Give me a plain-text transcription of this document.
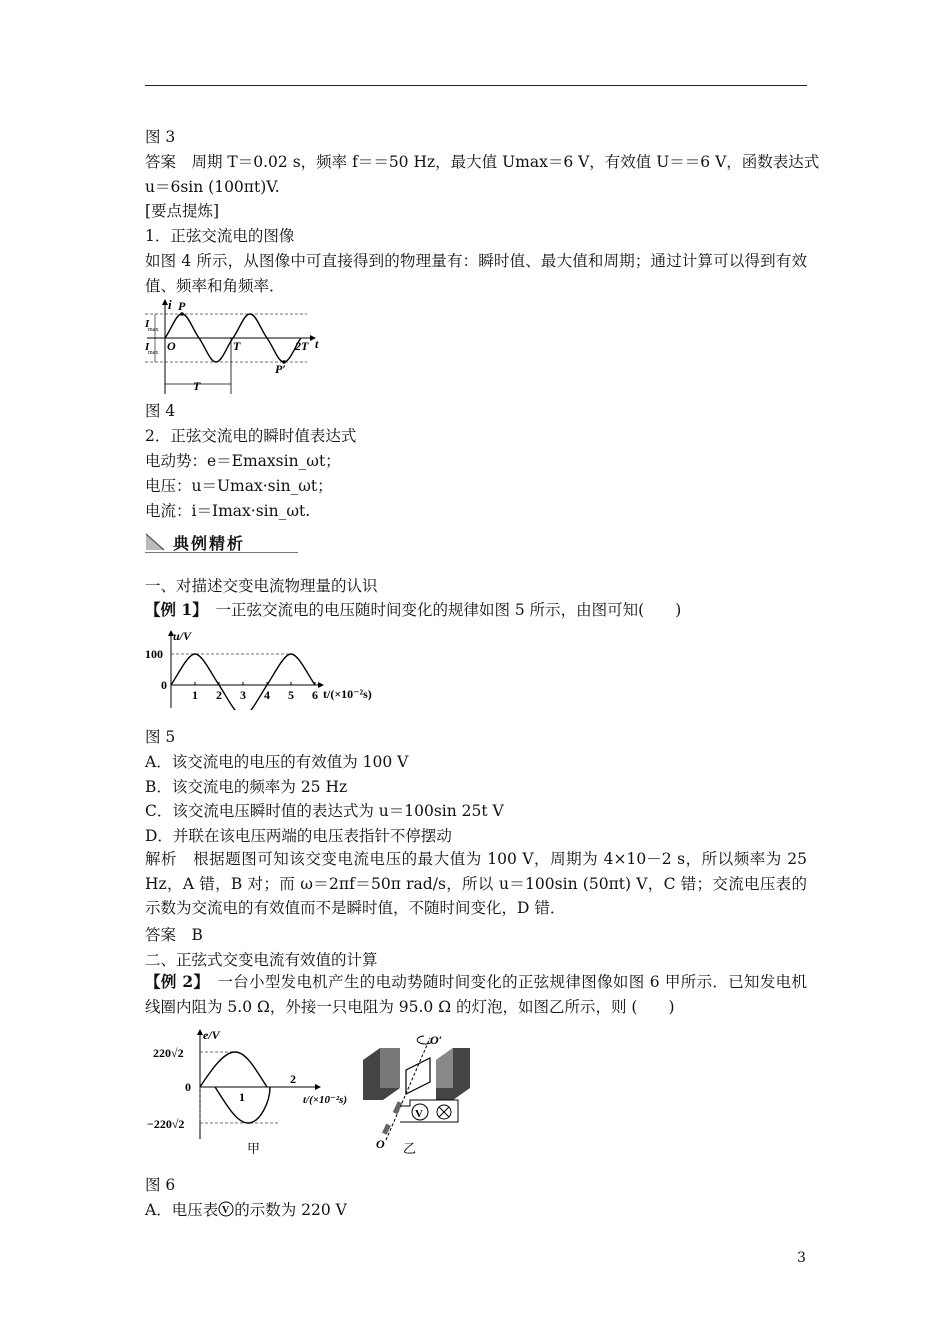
图 3
答案　周期 T＝0.02 s，频率 f＝＝50 Hz，最大值 Umax＝6 V，有效值 U＝＝6 V，函数表达式
u＝6sin (100πt)V.
[要点提炼]
1．正弦交流电的图像
如图 4 所示，从图像中可直接得到的物理量有：瞬时值、最大值和周期；通过计算可以得到有效值、频率和角频率．
i P
P′
O	T	2T t
I
max
I
max
T
图 4
2．正弦交流电的瞬时值表达式
电动势：e＝Emaxsin_ωt；
电压：u＝Umax·sin_ωt；
电流：i＝Imax·sin_ωt.
典例精析
一、对描述交变电流物理量的认识
【例 1】　一正弦交流电的电压随时间变化的规律如图 5 所示，由图可知(　　)
u/V
100
0
1 2 3 4 5 6 t/(×10⁻²s)
图 5
A．该交流电的电压的有效值为 100 V
B．该交流电的频率为 25 Hz
C．该交流电压瞬时值的表达式为 u＝100sin 25t V
D．并联在该电压两端的电压表指针不停摆动
解析　根据题图可知该交变电流电压的最大值为 100 V，周期为 4×10－2 s，所以频率为 25 Hz，A 错，B 对；而 ω＝2πf＝50π rad/s，所以 u＝100sin (50πt) V，C 错；交流电压表的示数为交流电的有效值而不是瞬时值，不随时间变化，D 错．
答案　B
二、正弦式交变电流有效值的计算
【例 2】　一台小型发电机产生的电动势随时间变化的正弦规律图像如图 6 甲所示．已知发电机线圈内阻为 5.0 Ω，外接一只电阻为 95.0 Ω 的灯泡，如图乙所示，则 (　　)
e/V
220√2
0
−220√2
1
2
t/(×10⁻²s)
甲
V
O′
O 乙
图 6
A．电压表 V 的示数为 220 V
3
